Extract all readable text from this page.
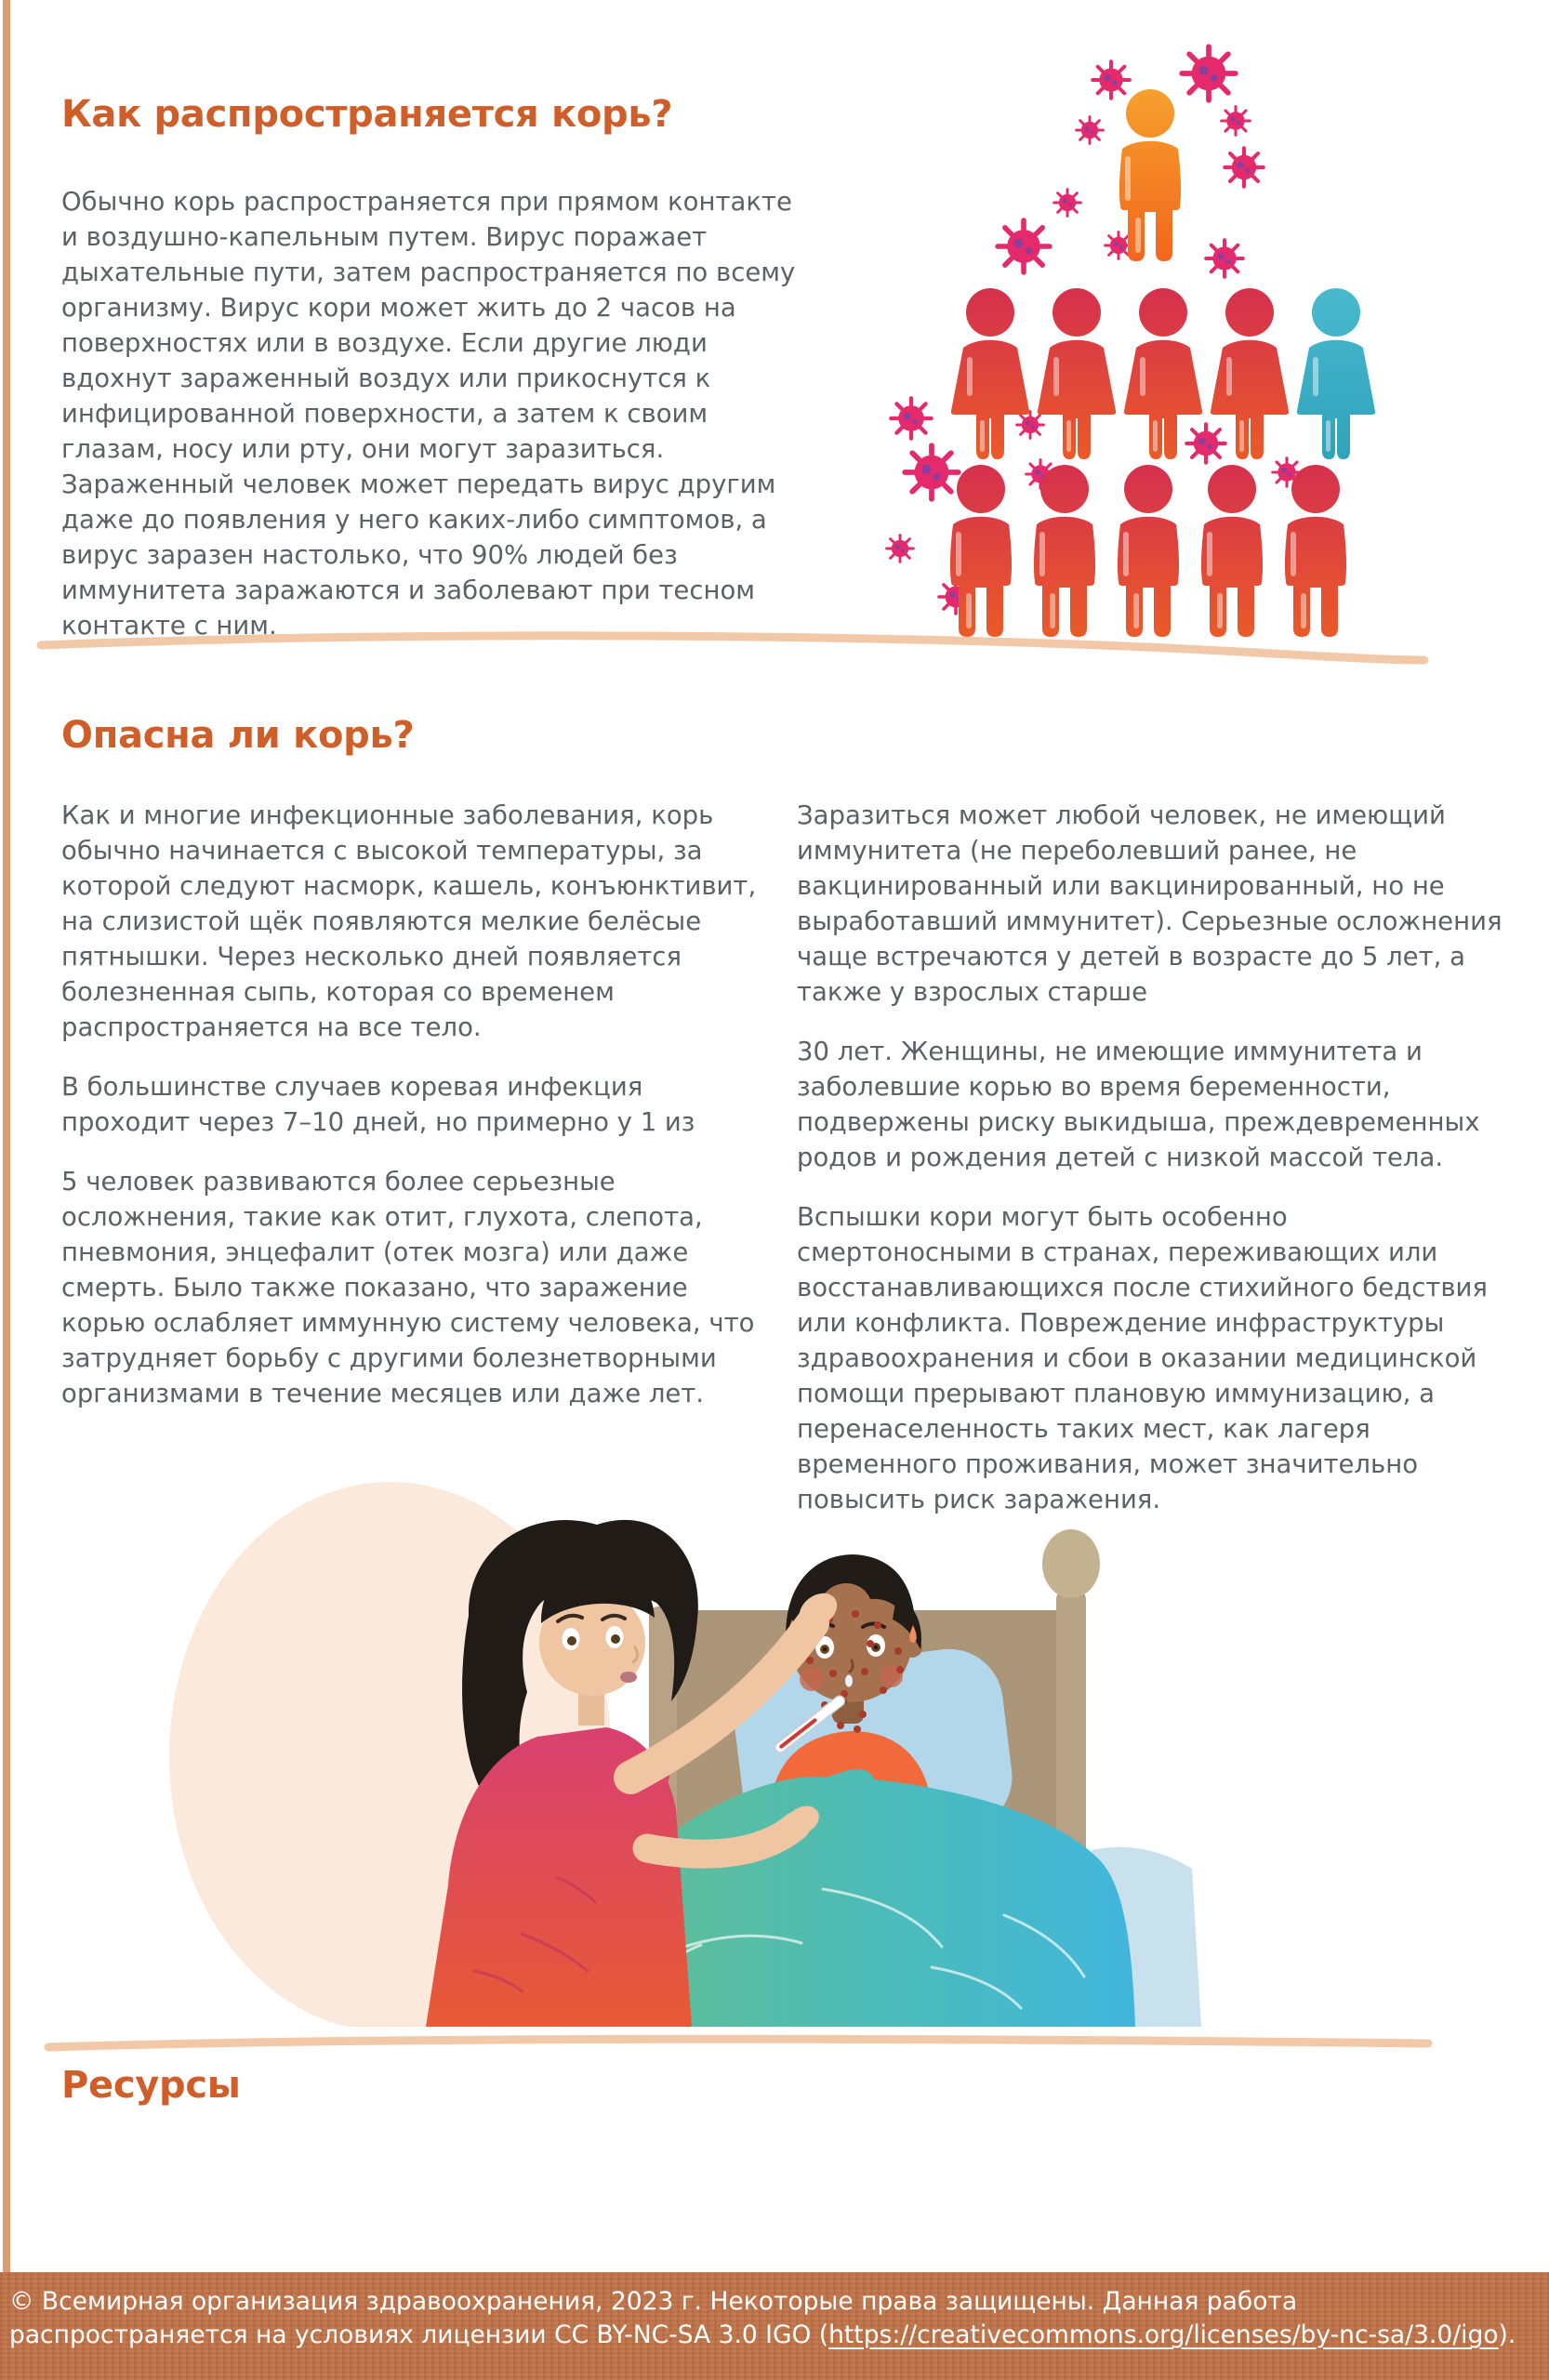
Как распространяется корь?

Обычно корь распространяется при прямом контакте и воздушно-капельным путем. Вирус поражает дыхательные пути, затем распространяется по всему организму. Вирус кори может жить до 2 часов на поверхностях или в воздухе. Если другие люди вдохнут зараженный воздух или прикоснутся к инфицированной поверхности, а затем к своим глазам, носу или рту, они могут заразиться. Зараженный человек может передать вирус другим даже до появления у него каких-либо симптомов, а вирус заразен настолько, что 90% людей без иммунитета заражаются и заболевают при тесном контакте с ним.

Опасна ли корь?

Как и многие инфекционные заболевания, корь обычно начинается с высокой температуры, за которой следуют насморк, кашель, конъюнктивит, на слизистой щёк появляются мелкие белёсые пятнышки. Через несколько дней появляется болезненная сыпь, которая со временем распространяется на все тело.

В большинстве случаев коревая инфекция проходит через 7–10 дней, но примерно у 1 из

5 человек развиваются более серьезные осложнения, такие как отит, глухота, слепота, пневмония, энцефалит (отек мозга) или даже смерть. Было также показано, что заражение корью ослабляет иммунную систему человека, что затрудняет борьбу с другими болезнетворными организмами в течение месяцев или даже лет.

Заразиться может любой человек, не имеющий иммунитета (не переболевший ранее, не вакцинированный или вакцинированный, но не выработавший иммунитет). Серьезные осложнения чаще встречаются у детей в возрасте до 5 лет, а также у взрослых старше

30 лет. Женщины, не имеющие иммунитета и заболевшие корью во время беременности, подвержены риску выкидыша, преждевременных родов и рождения детей с низкой массой тела.

Вспышки кори могут быть особенно смертоносными в странах, переживающих или восстанавливающихся после стихийного бедствия или конфликта. Повреждение инфраструктуры здравоохранения и сбои в оказании медицинской помощи прерывают плановую иммунизацию, а перенаселенность таких мест, как лагеря временного проживания, может значительно повысить риск заражения.

Ресурсы

© Всемирная организация здравоохранения, 2023 г. Некоторые права защищены. Данная работа распространяется на условиях лицензии CC BY-NC-SA 3.0 IGO (https://creativecommons.org/licenses/by-nc-sa/3.0/igo).
